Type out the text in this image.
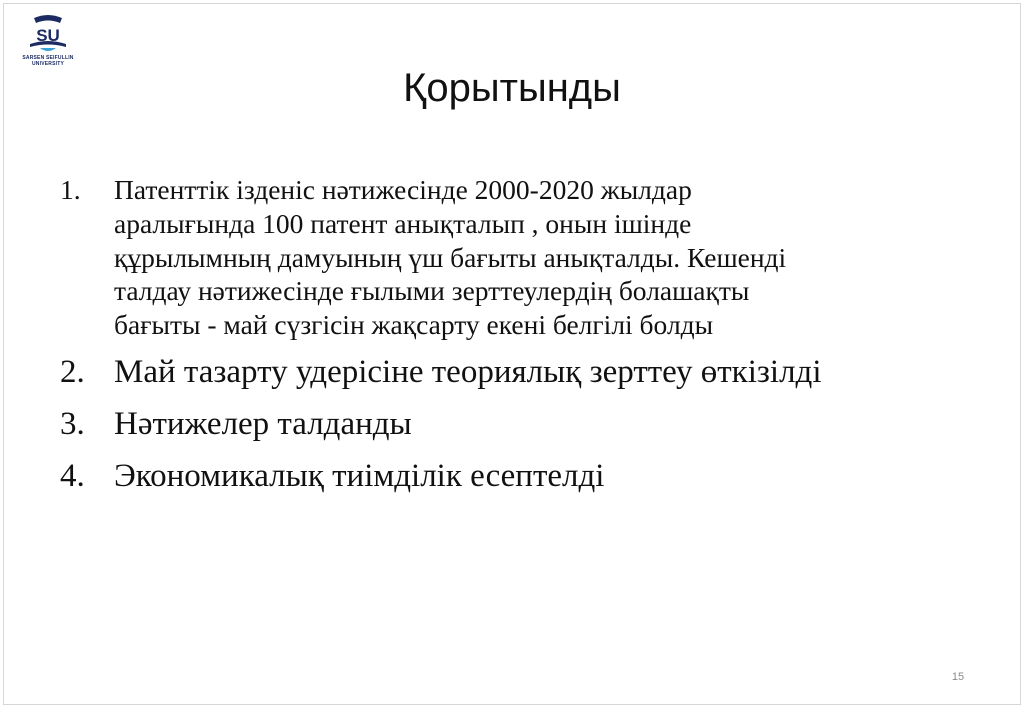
SU
SARSEN SEIFULLIN
UNIVERSITY
Қорытынды
1. Патенттік ізденіс нәтижесінде 2000-2020 жылдар
аралығында 100 патент анықталып , онын ішінде
құрылымның дамуының үш бағыты анықталды. Кешенді
талдау нәтижесінде ғылыми зерттеулердің болашақты
бағыты - май сүзгісін жақсарту екені белгілі болды
2. Май тазарту удерісіне теориялық зерттеу өткізілді
3. Нәтижелер талданды
4. Экономикалық тиімділік есептелді
15
